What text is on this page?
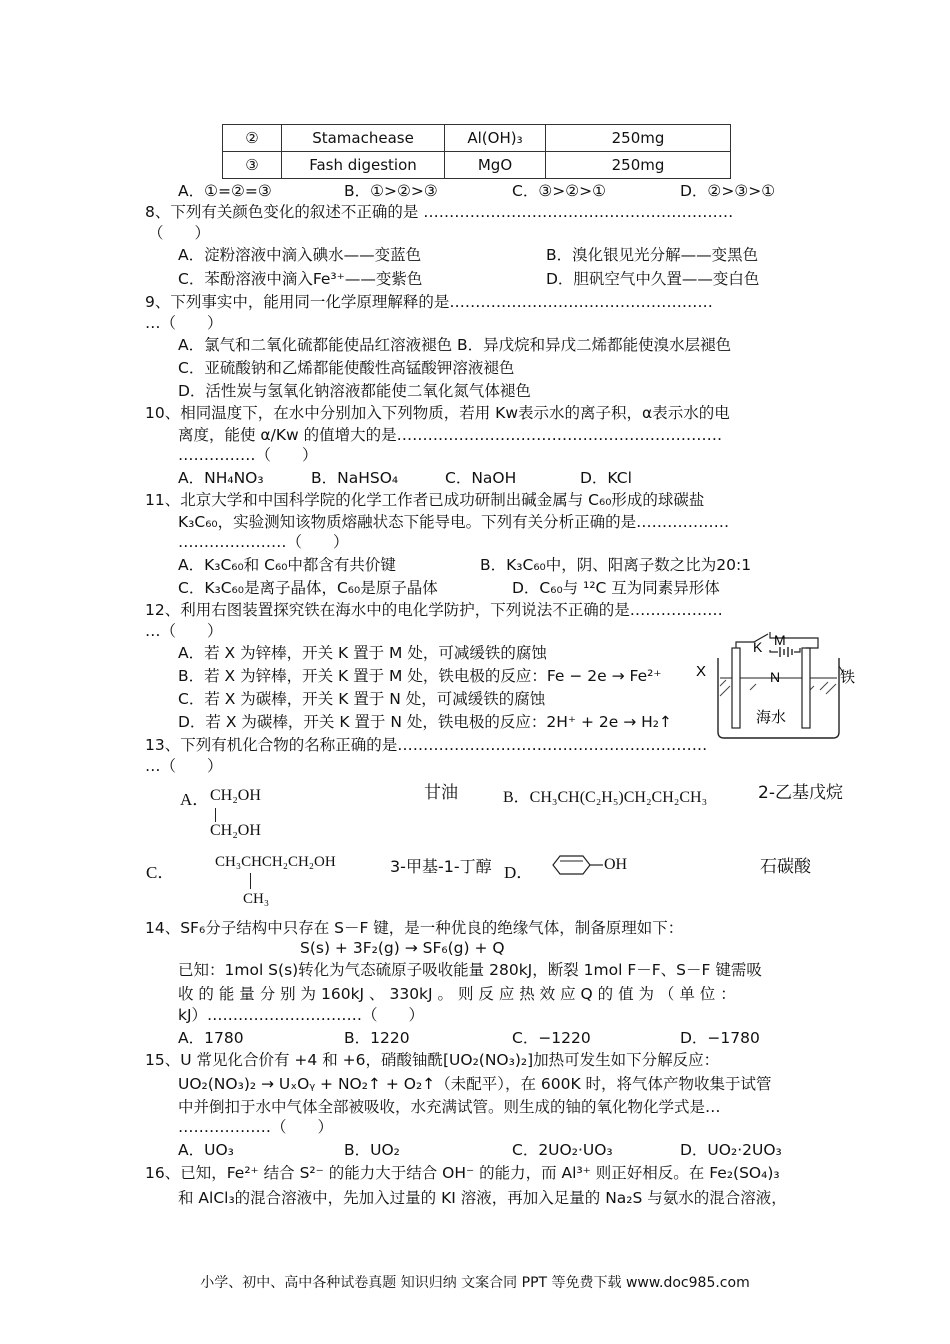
②	Stamachease	Al(OH)₃	250mg
③	Fash digestion	MgO	250mg
A．①=②=③	B．①>②>③	C．③>②>①	D．②>③>①
8、下列有关颜色变化的叙述不正确的是 ……………………………………………………
（　　）
A．淀粉溶液中滴入碘水——变蓝色	B．溴化银见光分解——变黑色
C．苯酚溶液中滴入Fe³⁺——变紫色	D．胆矾空气中久置——变白色
9、下列事实中，能用同一化学原理解释的是……………………………………………
…（　　）
A．氯气和二氧化硫都能使品红溶液褪色 B．异戊烷和异戊二烯都能使溴水层褪色
C．亚硫酸钠和乙烯都能使酸性高锰酸钾溶液褪色
D．活性炭与氢氧化钠溶液都能使二氧化氮气体褪色
10、相同温度下，在水中分别加入下列物质，若用 Kw表示水的离子积，α表示水的电
离度，能使 α/Kw 的值增大的是………………………………………………………
……………（　　）
A．NH₄NO₃	B．NaHSO₄	C．NaOH	D．KCl
11、北京大学和中国科学院的化学工作者已成功研制出碱金属与 C₆₀形成的球碳盐
K₃C₆₀，实验测知该物质熔融状态下能导电。下列有关分析正确的是………………
…………………（　　）
A．K₃C₆₀和 C₆₀中都含有共价键	B．K₃C₆₀中，阴、阳离子数之比为20:1
C．K₃C₆₀是离子晶体，C₆₀是原子晶体	D．C₆₀与 ¹²C 互为同素异形体
12、利用右图装置探究铁在海水中的电化学防护，下列说法不正确的是………………
…（　　）
A．若 X 为锌棒，开关 K 置于 M 处，可减缓铁的腐蚀
B．若 X 为锌棒，开关 K 置于 M 处，铁电极的反应：Fe − 2e → Fe²⁺
C．若 X 为碳棒，开关 K 置于 N 处，可减缓铁的腐蚀
D．若 X 为碳棒，开关 K 置于 N 处，铁电极的反应：2H⁺ + 2e → H₂↑
K M
N
X	铁
海水
13、下列有机化合物的名称正确的是……………………………………………………
…（　　）
A． CH₂OH
CH₂OH
甘油	B．CH₃CH(C₂H₅)CH₂CH₂CH₃	2-乙基戊烷
C．
CH₃CHCH₂CH₂OH
CH₃
3-甲基-1-丁醇 D．	OH	石碳酸
14、SF₆分子结构中只存在 S－F 键，是一种优良的绝缘气体，制备原理如下：
S(s) + 3F₂(g) → SF₆(g) + Q
已知：1mol S(s)转化为气态硫原子吸收能量 280kJ，断裂 1mol F－F、S－F 键需吸
收 的 能 量 分 别 为 160kJ 、 330kJ 。 则 反 应 热 效 应 Q 的 值 为 （ 单 位 ：
kJ）…………………………（　　）
A．1780	B．1220	C．−1220	D．−1780
15、U 常见化合价有 +4 和 +6，硝酸铀酰[UO₂(NO₃)₂]加热可发生如下分解反应：
UO₂(NO₃)₂ → UₓOᵧ + NO₂↑ + O₂↑（未配平），在 600K 时，将气体产物收集于试管
中并倒扣于水中气体全部被吸收，水充满试管。则生成的铀的氧化物化学式是…
………………（　　）
A．UO₃	B．UO₂	C．2UO₂·UO₃	D．UO₂·2UO₃
16、已知，Fe²⁺ 结合 S²⁻ 的能力大于结合 OH⁻ 的能力，而 Al³⁺ 则正好相反。在 Fe₂(SO₄)₃
和 AlCl₃的混合溶液中，先加入过量的 KI 溶液，再加入足量的 Na₂S 与氨水的混合溶液，
小学、初中、高中各种试卷真题 知识归纳 文案合同 PPT 等免费下载 www.doc985.com
